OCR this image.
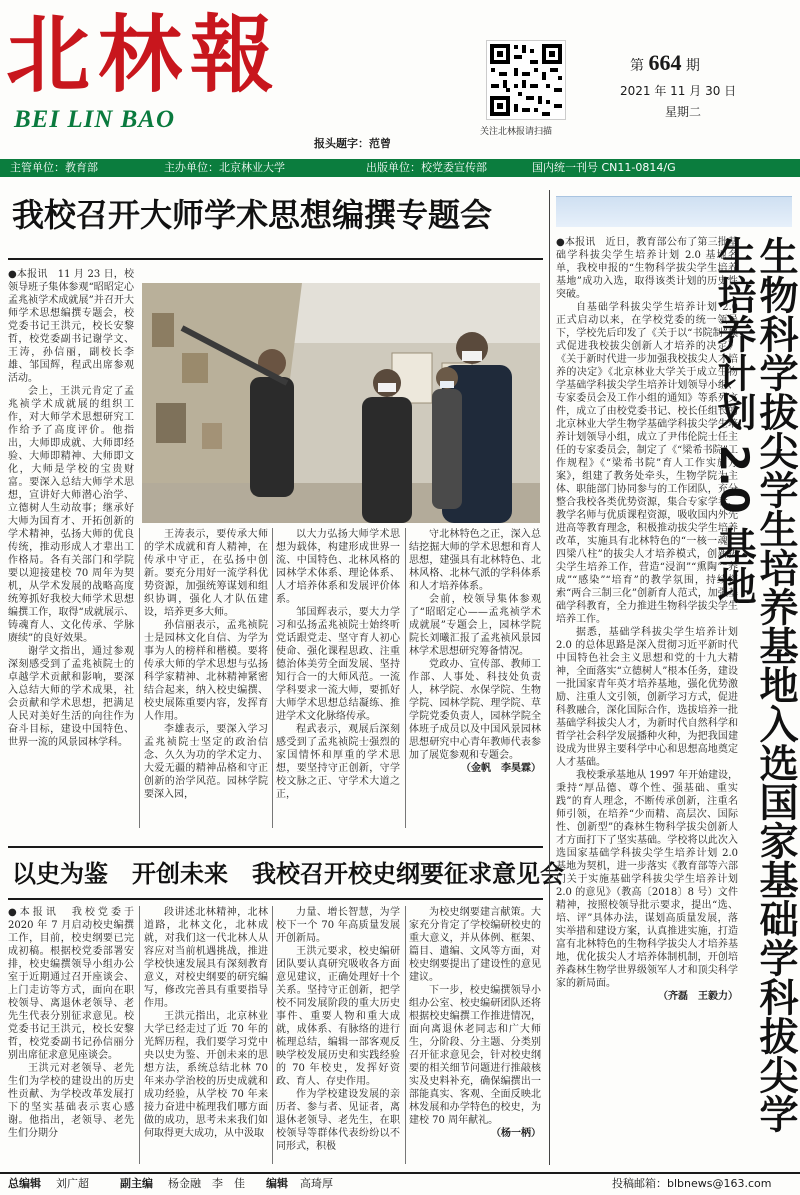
北林報
BEI LIN BAO
报头题字：范曾
关注北林报请扫描
第 664 期
2021 年 11 月 30 日
星期二
主管单位：教育部	主办单位：北京林业大学	出版单位：校党委宣传部	国内统一刊号 CN11-0814/G
我校召开大师学术思想编撰专题会

●本报讯　11 月 23 日，校领导班子集体参观“昭昭定心孟兆祯学术成就展”并召开大师学术思想编撰专题会，校党委书记王洪元，校长安黎哲，校党委副书记谢学文、王涛，孙信丽，副校长李雄、邹国辉，程武出席参观活动。

会上，王洪元肯定了孟兆祯学术成就展的组织工作，对大师学术思想研究工作给予了高度评价。他指出，大师即成就、大师即经验、大师即精神、大师即文化，大师是学校的宝贵财富。要深入总结大师学术思想，宣讲好大师潜心治学、立德树人生动故事；继承好大师为国育才、开拓创新的学术精神，弘扬大师的优良传统，推动形成人才辈出工作格局。各有关部门和学院要以迎接建校 70 周年为契机，从学术发展的战略高度统筹抓好我校大师学术思想编撰工作，取得“成就展示、铸魂育人、文化传承、学脉赓续”的良好效果。

谢学文指出，通过参观深刻感受到了孟兆祯院士的卓越学术贡献和影响，要深入总结大师的学术成果，社会贡献和学术思想，把满足人民对美好生活的向往作为奋斗目标，建设中国特色、世界一流的风景园林学科。

王涛表示，要传承大师的学术成就和育人精神，在传承中守正，在弘扬中创新。要充分用好一流学科优势资源，加强统筹谋划和组织协调，强化人才队伍建设，培养更多大师。

孙信丽表示，孟兆祯院士是园林文化自信、为学为事为人的榜样和楷模。要将传承大师的学术思想与弘扬科学家精神、北林精神紧密结合起来，纳入校史编撰、校史展陈重要内容，发挥育人作用。

李雄表示，要深入学习孟兆祯院士坚定的政治信念、久久为功的学术定力、大爱无疆的精神品格和守正创新的治学风范。园林学院要深入园，

以大力弘扬大师学术思想为载体，构建形成世界一流、中国特色、北林风格的园林学术体系、理论体系、人才培养体系和发展评价体系。

邹国辉表示，要大力学习和弘扬孟兆祯院士始终听党话跟党走、坚守育人初心使命、强化课程思政、注重德治体美劳全面发展、坚持知行合一的大师风范。一流学科要求一流大师，要抓好大师学术思想总结凝练、推进学术文化脉络传承。

程武表示，观展后深刻感受到了孟兆祯院士强烈的家国情怀和厚重的学术思想，要坚持守正创新，守学校文脉之正、守学术大道之正，

守北林特色之正，深入总结挖掘大师的学术思想和育人思想，建强具有北林特色、北林风格、北林气派的学科体系和人才培养体系。

会前，校领导集体参观了“昭昭定心——孟兆祯学术成就展”专题会上，园林学院院长刘曦汇报了孟兆祯风景园林学术思想研究筹备情况。

党政办、宣传部、教师工作部、人事处、科技处负责人，林学院、水保学院、生物学院、园林学院、理学院、草学院党委负责人，园林学院全体班子成员以及中国风景园林思想研究中心青年教师代表参加了展览参观和专题会。

（金帆　李昊霖）
以史为鉴　开创未来　我校召开校史纲要征求意见会

●本报讯　我校党委于 2020 年 7 月启动校史编撰工作，目前，校史纲要已完成初稿。根据校党委部署安排，校史编撰领导小组办公室于近期通过召开座谈会、上门走访等方式，面向在职校领导、离退休老领导、老先生代表分别征求意见。校党委书记王洪元，校长安黎哲，校党委副书记孙信丽分别出席征求意见座谈会。

王洪元对老领导、老先生们为学校的建设出的历史性贡献、为学校改革发展打下的坚实基础表示衷心感谢。他指出，老领导、老先生们分期分

段讲述北林精神，北林道路，北林文化，北林成就，对我们这一代北林人从容应对当前机遇挑战，推进学校快速发展具有深刻教育意义，对校史纲要的研究编写，修改完善具有重要指导作用。

王洪元指出，北京林业大学已经走过了近 70 年的光辉历程，我们要学习党中央以史为鉴、开创未来的思想方法，系统总结北林 70 年来办学治校的历史成就和成功经验，从学校 70 年来接力奋进中梳理我们哪方面做的成功，思考未来我们如何取得更大成功，从中汲取

力量、增长智慧，为学校下一个 70 年高质量发展开创新局。

王洪元要求，校史编研团队要认真研究吸收各方面意见建议，正确处理好十个关系。坚持守正创新，把学校不同发展阶段的重大历史事件、重要人物和重大成就，成体系、有脉络的进行梳理总结，编辑一部客观反映学校发展历史和实践经验的 70 年校史，发挥好资政、育人、存史作用。

作为学校建设发展的亲历者、参与者、见证者，离退休老领导、老先生，在职校领导等群体代表纷纷以不同形式，积极

为校史纲要建言献策。大家充分肯定了学校编研校史的重大意义，并从体例、框架、篇目、遣编、文风等方面，对校史纲要提出了建设性的意见建议。

下一步，校史编撰领导小组办公室、校史编研团队还将根据校史编撰工作推进情况，面向离退休老同志和广大师生，分阶段、分主题、分类别召开征求意见会，针对校史纲要的相关细节问题进行推敲核实及史料补充，确保编撰出一部能真实、客观、全面反映北林发展和办学特色的校史，为建校 70 周年献礼。

（杨一柄）

●本报讯　近日，教育部公布了第三批基础学科拔尖学生培养计划 2.0 基地名单，我校申报的“生物科学拔尖学生培养基地”成功入选，取得该类计划的历史性突破。

自基础学科拔尖学生培养计划 2.0 正式启动以来，在学校党委的统一领导下，学校先后印发了《关于以“书院制”模式促进我校拔尖创新人才培养的决定》《关于新时代进一步加强我校拔尖人才培养的决定》《北京林业大学关于成立生物学基础学科拔尖学生培养计划领导小组、专家委员会及工作小组的通知》等系列文件，成立了由校党委书记、校长任组长的北京林业大学生物学基础学科拔尖学生培养计划领导小组，成立了尹伟伦院士任主任的专家委员会，制定了《“梁希书院”工作规程》《“梁希书院”育人工作实施方案》，组建了教务处牵头，生物学院为主体、职能部门协同参与的工作团队，充分整合我校各类优势资源，集合专家学者、教学名师与优质课程资源，吸收国内外先进高等教育理念，积极推动拔尖学生培养改革，实施具有北林特色的“一核一魂、四梁八柱”的拔尖人才培养模式，创新拔尖学生培养工作，营造“浸润”“熏陶”“养成”“感染”“培育”的教学氛围，持续探索“两合三制三化”创新育人范式，加强基础学科教育，全力推进生物科学拔尖学生培养工作。

据悉，基础学科拔尖学生培养计划 2.0 的总体思路是深入贯彻习近平新时代中国特色社会主义思想和党的十九大精神，全面落实“立德树人”根本任务，建设一批国家青年英才培养基地，强化优势激励、注重人文引领，创新学习方式，促进科教融合，深化国际合作，选拔培养一批基础学科拔尖人才，为新时代自然科学和哲学社会科学发展播种火种，为把我国建设成为世界主要科学中心和思想高地奠定人才基础。

我校秉承基地从 1997 年开始建设，秉持“厚品德、尊个性、强基础、重实践”的育人理念，不断传承创新，注重名师引领，在培养“少而精、高层次、国际性、创新型”的森林生物科学拔尖创新人才方面打下了坚实基础。学校将以此次入选国家基础学科拔尖学生培养计划 2.0 基地为契机，进一步落实《教育部等六部门关于实施基础学科拔尖学生培养计划 2.0 的意见》（教高〔2018〕8 号）文件精神，按照校领导批示要求，提出“选、培、评”具体办法，谋划高质量发展，落实举措和建设方案，认真推进实施，打造富有北林特色的生物科学拔尖人才培养基地，优化拔尖人才培养体制机制，开创培养森林生物学世界级领军人才和顶尖科学家的新局面。

（齐磊　王毅力） 生物科学拔尖学生培养基地入选国家基础学科拔尖学生培养计划 2.0 基地
总编辑 刘广超	副主编 杨金融　李　佳 编辑 高琦厚	投稿邮箱：blbnews@163.com
